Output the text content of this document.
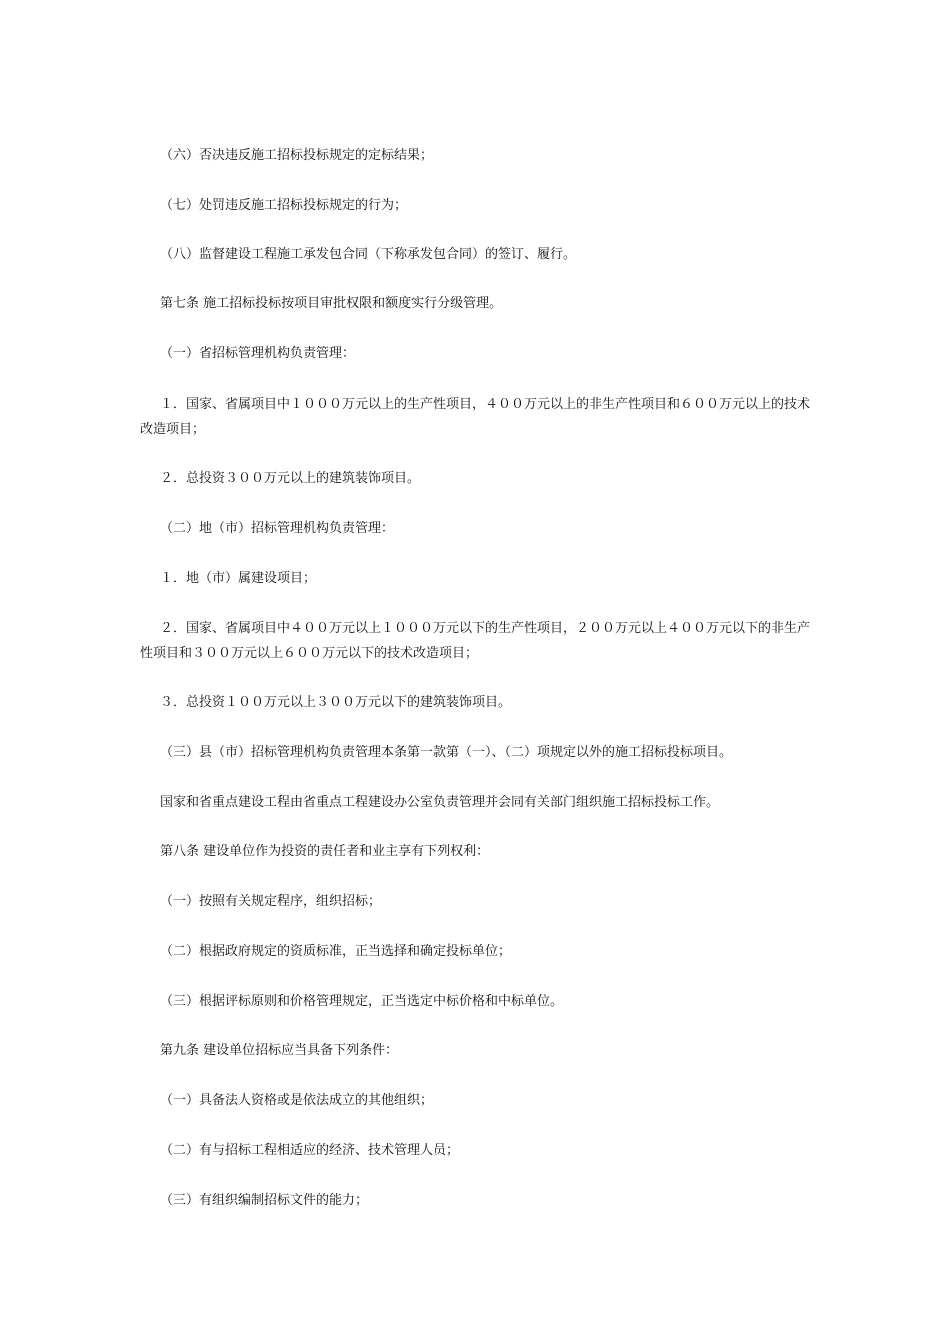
（六）否决违反施工招标投标规定的定标结果；

（七）处罚违反施工招标投标规定的行为；

（八）监督建设工程施工承发包合同（下称承发包合同）的签订、履行。

第七条 施工招标投标按项目审批权限和额度实行分级管理。

（一）省招标管理机构负责管理：

１．国家、省属项目中１０００万元以上的生产性项目，４００万元以上的非生产性项目和６００万元以上的技术改造项目；

２．总投资３００万元以上的建筑装饰项目。

（二）地（市）招标管理机构负责管理：

１．地（市）属建设项目；

２．国家、省属项目中４００万元以上１０００万元以下的生产性项目，２００万元以上４００万元以下的非生产性项目和３００万元以上６００万元以下的技术改造项目；

３．总投资１００万元以上３００万元以下的建筑装饰项目。

（三）县（市）招标管理机构负责管理本条第一款第（一）、（二）项规定以外的施工招标投标项目。

国家和省重点建设工程由省重点工程建设办公室负责管理并会同有关部门组织施工招标投标工作。

第八条 建设单位作为投资的责任者和业主享有下列权利：

（一）按照有关规定程序，组织招标；

（二）根据政府规定的资质标准，正当选择和确定投标单位；

（三）根据评标原则和价格管理规定，正当选定中标价格和中标单位。

第九条 建设单位招标应当具备下列条件：

（一）具备法人资格或是依法成立的其他组织；

（二）有与招标工程相适应的经济、技术管理人员；

（三）有组织编制招标文件的能力；
